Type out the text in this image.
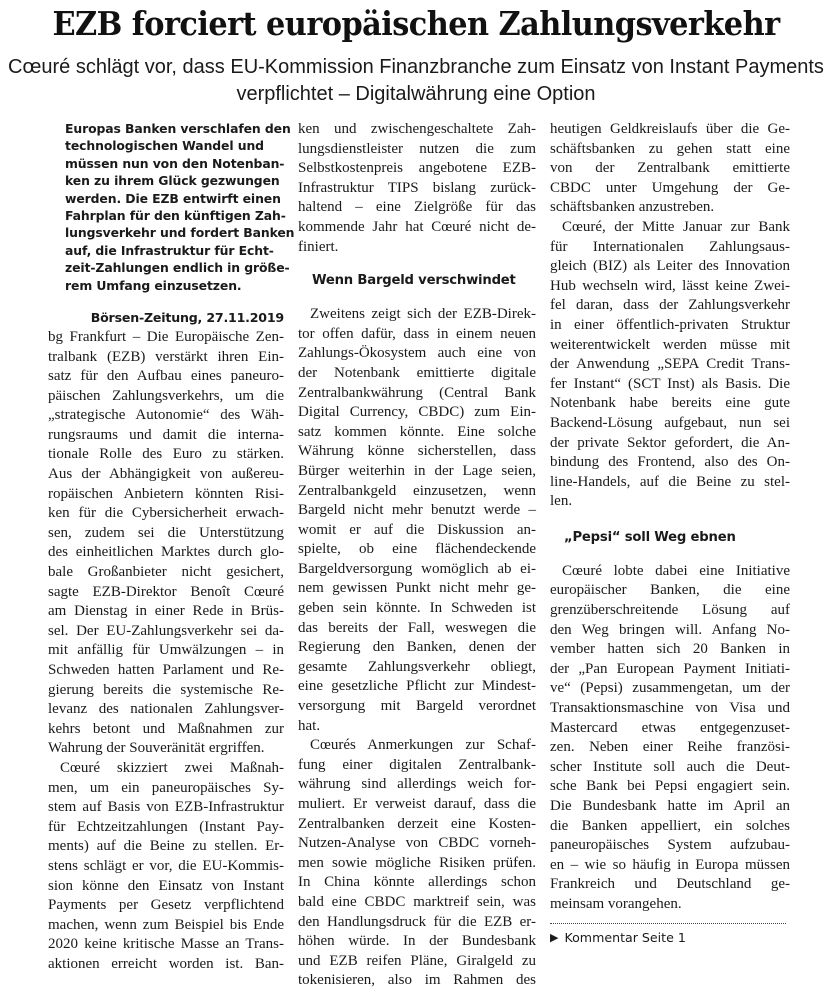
EZB forciert europäischen Zahlungsverkehr
Cœuré schlägt vor, dass EU-Kommission Finanzbranche zum Einsatz von Instant Payments
verpflichtet – Digitalwährung eine Option
Europas Banken verschlafen den
technologischen Wandel und
müssen nun von den Notenban-
ken zu ihrem Glück gezwungen
werden. Die EZB entwirft einen
Fahrplan für den künftigen Zah-
lungsverkehr und fordert Banken
auf, die Infrastruktur für Echt-
zeit-Zahlungen endlich in größe-
rem Umfang einzusetzen.
Börsen-Zeitung, 27.11.2019
bg Frankfurt – Die Europäische Zen-
tralbank (EZB) verstärkt ihren Ein-
satz für den Aufbau eines paneuro-
päischen Zahlungsverkehrs, um die
„strategische Autonomie“ des Wäh-
rungsraums und damit die interna-
tionale Rolle des Euro zu stärken.
Aus der Abhängigkeit von außereu-
ropäischen Anbietern könnten Risi-
ken für die Cybersicherheit erwach-
sen, zudem sei die Unterstützung
des einheitlichen Marktes durch glo-
bale Großanbieter nicht gesichert,
sagte EZB-Direktor Benoît Cœuré
am Dienstag in einer Rede in Brüs-
sel. Der EU-Zahlungsverkehr sei da-
mit anfällig für Umwälzungen – in
Schweden hatten Parlament und Re-
gierung bereits die systemische Re-
levanz des nationalen Zahlungsver-
kehrs betont und Maßnahmen zur
Wahrung der Souveränität ergriffen.
Cœuré skizziert zwei Maßnah-
men, um ein paneuropäisches Sy-
stem auf Basis von EZB-Infrastruktur
für Echtzeitzahlungen (Instant Pay-
ments) auf die Beine zu stellen. Er-
stens schlägt er vor, die EU-Kommis-
sion könne den Einsatz von Instant
Payments per Gesetz verpflichtend
machen, wenn zum Beispiel bis Ende
2020 keine kritische Masse an Trans-
aktionen erreicht worden ist. Ban-
ken und zwischengeschaltete Zah-
lungsdienstleister nutzen die zum
Selbstkostenpreis angebotene EZB-
Infrastruktur TIPS bislang zurück-
haltend – eine Zielgröße für das
kommende Jahr hat Cœuré nicht de-
finiert.
Wenn Bargeld verschwindet
Zweitens zeigt sich der EZB-Direk-
tor offen dafür, dass in einem neuen
Zahlungs-Ökosystem auch eine von
der Notenbank emittierte digitale
Zentralbankwährung (Central Bank
Digital Currency, CBDC) zum Ein-
satz kommen könnte. Eine solche
Währung könne sicherstellen, dass
Bürger weiterhin in der Lage seien,
Zentralbankgeld einzusetzen, wenn
Bargeld nicht mehr benutzt werde –
womit er auf die Diskussion an-
spielte, ob eine flächendeckende
Bargeldversorgung womöglich ab ei-
nem gewissen Punkt nicht mehr ge-
geben sein könnte. In Schweden ist
das bereits der Fall, weswegen die
Regierung den Banken, denen der
gesamte Zahlungsverkehr obliegt,
eine gesetzliche Pflicht zur Mindest-
versorgung mit Bargeld verordnet
hat.
Cœurés Anmerkungen zur Schaf-
fung einer digitalen Zentralbank-
währung sind allerdings weich for-
muliert. Er verweist darauf, dass die
Zentralbanken derzeit eine Kosten-
Nutzen-Analyse von CBDC vorneh-
men sowie mögliche Risiken prüfen.
In China könnte allerdings schon
bald eine CBDC marktreif sein, was
den Handlungsdruck für die EZB er-
höhen würde. In der Bundesbank
und EZB reifen Pläne, Giralgeld zu
tokenisieren, also im Rahmen des
heutigen Geldkreislaufs über die Ge-
schäftsbanken zu gehen statt eine
von der Zentralbank emittierte
CBDC unter Umgehung der Ge-
schäftsbanken anzustreben.
Cœuré, der Mitte Januar zur Bank
für Internationalen Zahlungsaus-
gleich (BIZ) als Leiter des Innovation
Hub wechseln wird, lässt keine Zwei-
fel daran, dass der Zahlungsverkehr
in einer öffentlich-privaten Struktur
weiterentwickelt werden müsse mit
der Anwendung „SEPA Credit Trans-
fer Instant“ (SCT Inst) als Basis. Die
Notenbank habe bereits eine gute
Backend-Lösung aufgebaut, nun sei
der private Sektor gefordert, die An-
bindung des Frontend, also des On-
line-Handels, auf die Beine zu stel-
len.
„Pepsi“ soll Weg ebnen
Cœuré lobte dabei eine Initiative
europäischer Banken, die eine
grenzüberschreitende Lösung auf
den Weg bringen will. Anfang No-
vember hatten sich 20 Banken in
der „Pan European Payment Initiati-
ve“ (Pepsi) zusammengetan, um der
Transaktionsmaschine von Visa und
Mastercard etwas entgegenzuset-
zen. Neben einer Reihe französi-
scher Institute soll auch die Deut-
sche Bank bei Pepsi engagiert sein.
Die Bundesbank hatte im April an
die Banken appelliert, ein solches
paneuropäisches System aufzubau-
en – wie so häufig in Europa müssen
Frankreich und Deutschland ge-
meinsam vorangehen.
▶ Kommentar Seite 1
